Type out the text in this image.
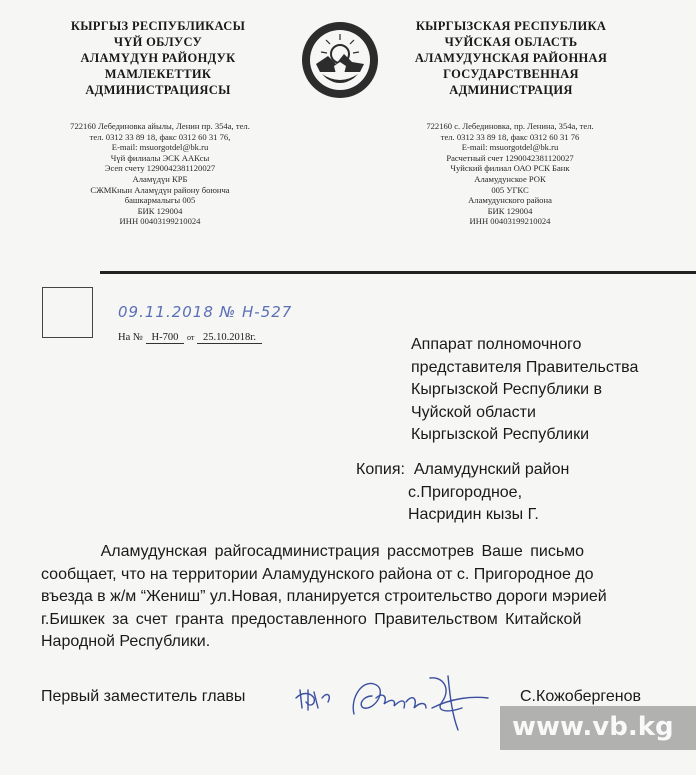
КЫРГЫЗ РЕСПУБЛИКАСЫ
ЧҮЙ ОБЛУСУ
АЛАМҮДҮН РАЙОНДУК
МАМЛЕКЕТТИК
АДМИНИСТРАЦИЯСЫ
722160 Лебединовка айылы, Ленин пр. 354а, тел.
тел. 0312 33 89 18, факс 0312 60 31 76,
E-mail: msuorgotdel@bk.ru
Чүй филиалы ЭСК ААКсы
Эсеп счету 1290042381120027
Аламүдүн КРБ
СЖМКнын Аламүдүн району боюнча
башкармалыгы 005
БИК 129004
ИНН 00403199210024
КЫРГЫЗСКАЯ РЕСПУБЛИКА
ЧУЙСКАЯ ОБЛАСТЬ
АЛАМУДУНСКАЯ РАЙОННАЯ
ГОСУДАРСТВЕННАЯ
АДМИНИСТРАЦИЯ
722160 с. Лебединовка, пр. Ленина, 354а, тел.
тел. 0312 33 89 18, факс 0312 60 31 76
E-mail: msuorgotdel@bk.ru
Расчетный счет 1290042381120027
Чуйский филиал ОАО РСК Банк
Аламудунское РОК
005 УГКС
Аламудунского района
БИК 129004
ИНН 00403199210024
09.11.2018 № Н-527
На № Н-700 от 25.10.2018г.	Аппарат полномочного
представителя Правительства
Кыргызской Республики в
Чуйской области
Кыргызской Республики
Копия: Аламудунский район
с.Пригородное,
Насридин кызы Г.
Аламудунская райгосадминистрация рассмотрев Ваше письмо
сообщает, что на территории Аламудунского района от с. Пригородное до
въезда в ж/м “Жениш” ул.Новая, планируется строительство дороги мэрией
г.Бишкек за счет гранта предоставленного Правительством Китайской
Народной Республики.
Первый заместитель главы	С.Кожобергенов
www.vb.kg
